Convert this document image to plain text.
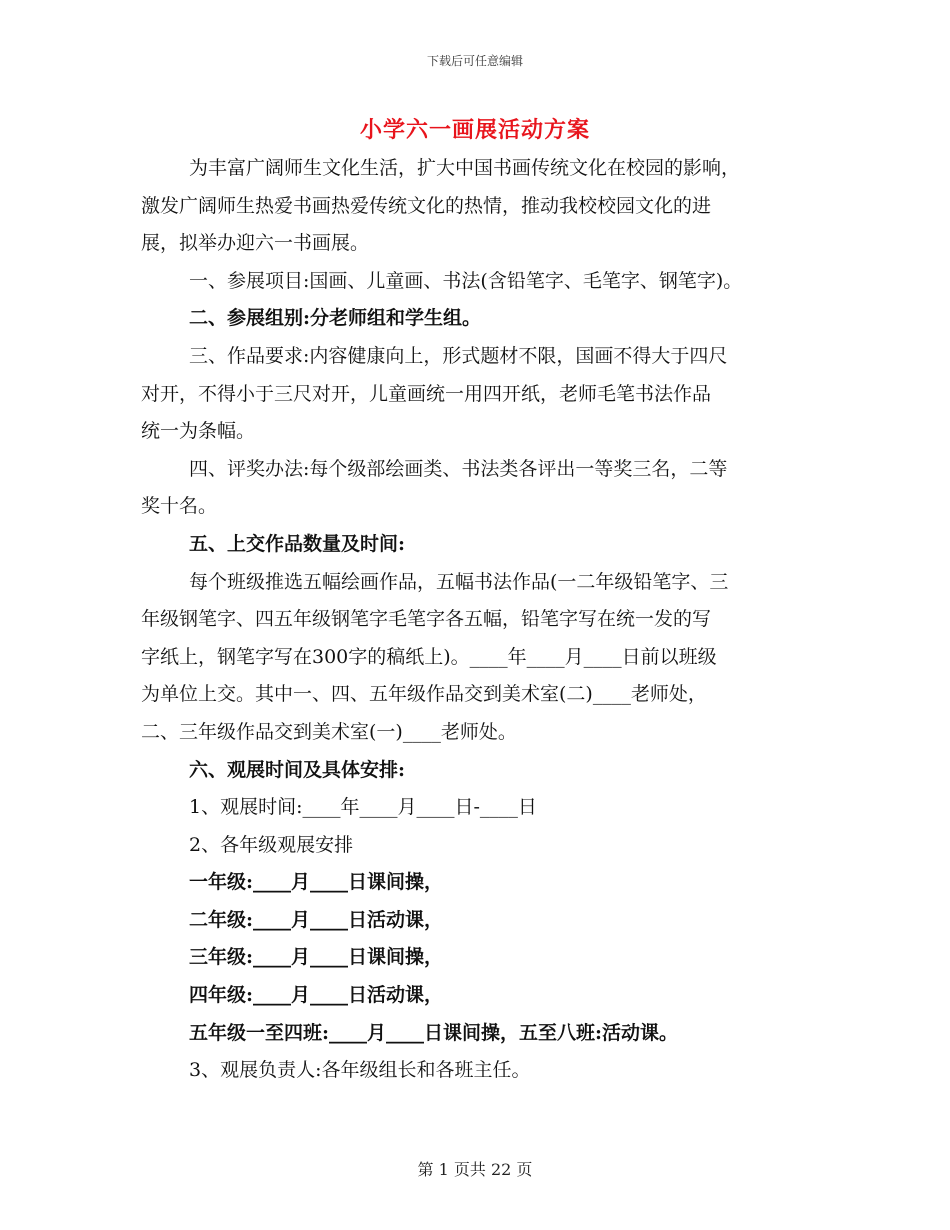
下载后可任意编辑
小学六一画展活动方案

为丰富广阔师生文化生活，扩大中国书画传统文化在校园的影响，

激发广阔师生热爱书画热爱传统文化的热情，推动我校校园文化的进

展，拟举办迎六一书画展。

一、参展项目:国画、儿童画、书法(含铅笔字、毛笔字、钢笔字)。

二、参展组别:分老师组和学生组。

三、作品要求:内容健康向上，形式题材不限，国画不得大于四尺

对开，不得小于三尺对开，儿童画统一用四开纸，老师毛笔书法作品

统一为条幅。

四、评奖办法:每个级部绘画类、书法类各评出一等奖三名，二等

奖十名。

五、上交作品数量及时间:

每个班级推选五幅绘画作品，五幅书法作品(一二年级铅笔字、三

年级钢笔字、四五年级钢笔字毛笔字各五幅，铅笔字写在统一发的写

字纸上，钢笔字写在300字的稿纸上)。____年____月____日前以班级

为单位上交。其中一、四、五年级作品交到美术室(二)____老师处，

二、三年级作品交到美术室(一)____老师处。

六、观展时间及具体安排:

1、观展时间:____年____月____日-____日

2、各年级观展安排

一年级:____月____日课间操，

二年级:____月____日活动课，

三年级:____月____日课间操，

四年级:____月____日活动课，

五年级一至四班:____月____日课间操，五至八班:活动课。

3、观展负责人:各年级组长和各班主任。

第 1 页共 22 页
